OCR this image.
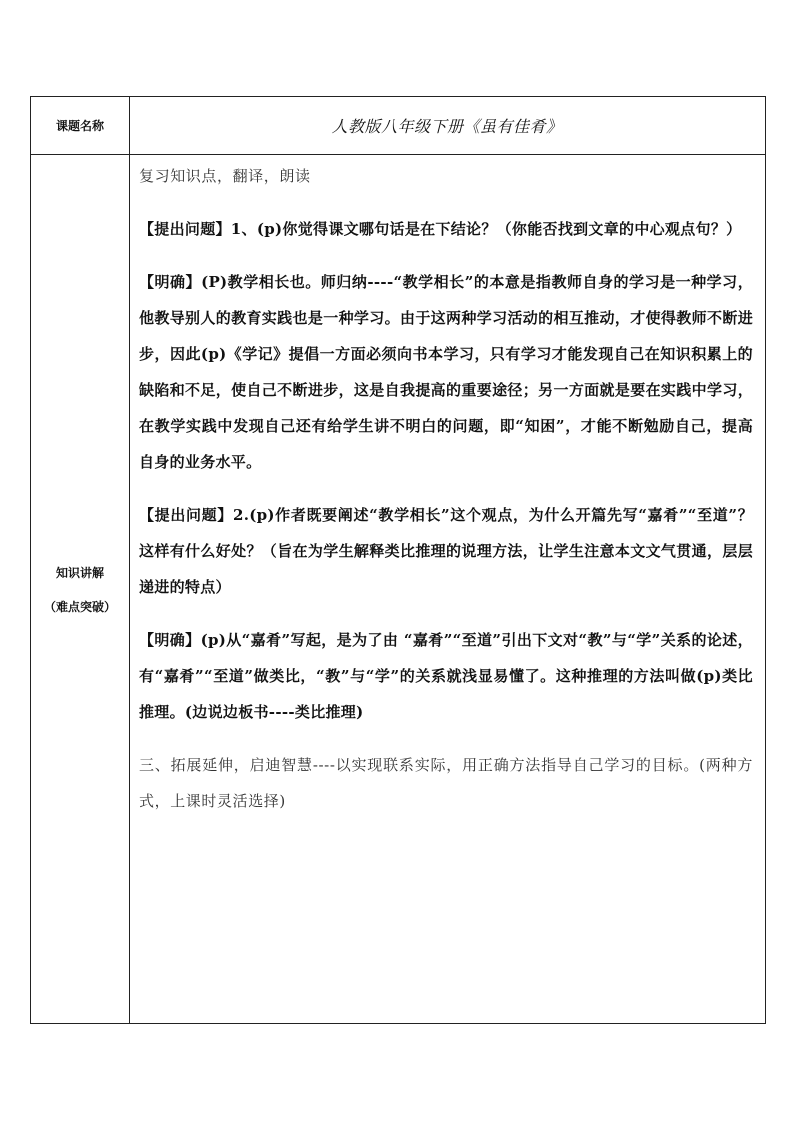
课题名称	人教版八年级下册《虽有佳肴》
知识讲解
（难点突破）

复习知识点，翻译，朗读

【提出问题】1、(p)你觉得课文哪句话是在下结论？（你能否找到文章的中心观点句？）

【明确】(P)教学相长也。师归纳----“教学相长”的本意是指教师自身的学习是一种学习，他教导别人的教育实践也是一种学习。由于这两种学习活动的相互推动，才使得教师不断进步，因此(p)《学记》提倡一方面必须向书本学习，只有学习才能发现自己在知识积累上的缺陷和不足，使自己不断进步，这是自我提高的重要途径；另一方面就是要在实践中学习，在教学实践中发现自己还有给学生讲不明白的问题，即“知困”，才能不断勉励自己，提高自身的业务水平。

【提出问题】2.(p)作者既要阐述“教学相长”这个观点，为什么开篇先写“嘉肴”“至道”？这样有什么好处？（旨在为学生解释类比推理的说理方法，让学生注意本文文气贯通，层层递进的特点）

【明确】(p)从“嘉肴”写起，是为了由 “嘉肴”“至道”引出下文对“教”与“学”关系的论述，有“嘉肴”“至道”做类比，“教”与“学”的关系就浅显易懂了。这种推理的方法叫做(p)类比推理。(边说边板书----类比推理)

三、拓展延伸，启迪智慧----以实现联系实际，用正确方法指导自己学习的目标。(两种方式，上课时灵活选择)
